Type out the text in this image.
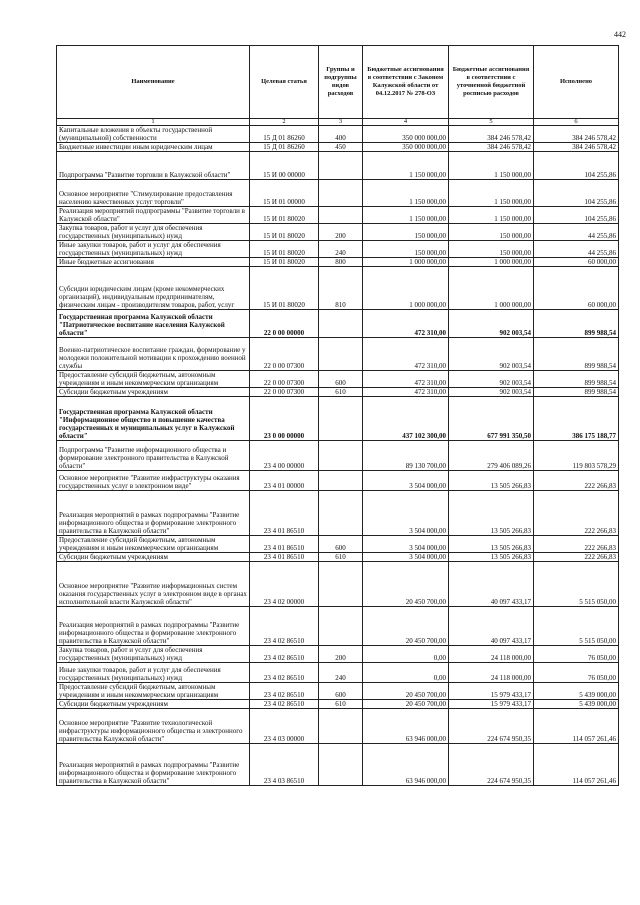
442
Наименование	Целевая статья	Группы и подгруппы видов расходов	Бюджетные ассигнования в соответствии с Законом Калужской области от 04.12.2017 № 278-ОЗ	Бюджетные ассигнования в соответствии с уточненной бюджетной росписью расходов	Исполнено
1	2	3	4	5	6
Капитальные вложения в объекты государственной (муниципальной) собственности	15 Д 01 86260	400	350 000 000,00	384 246 578,42	384 246 578,42
Бюджетные инвестиции иным юридическим лицам	15 Д 01 86260	450	350 000 000,00	384 246 578,42	384 246 578,42
Подпрограмма "Развитие торговли в Калужской области"	15 И 00 00000		1 150 000,00	1 150 000,00	104 255,86
Основное мероприятие "Стимулирование предоставления населению качественных услуг торговли"	15 И 01 00000		1 150 000,00	1 150 000,00	104 255,86
Реализация мероприятий подпрограммы "Развитие торговли в Калужской области"	15 И 01 80020		1 150 000,00	1 150 000,00	104 255,86
Закупка товаров, работ и услуг для обеспечения государственных (муниципальных) нужд	15 И 01 80020	200	150 000,00	150 000,00	44 255,86
Иные закупки товаров, работ и услуг для обеспечения государственных (муниципальных) нужд	15 И 01 80020	240	150 000,00	150 000,00	44 255,86
Иные бюджетные ассигнования	15 И 01 80020	800	1 000 000,00	1 000 000,00	60 000,00
Субсидии юридическим лицам (кроме некоммерческих организаций), индивидуальным предпринимателям, физическим лицам - производителям товаров, работ, услуг	15 И 01 80020	810	1 000 000,00	1 000 000,00	60 000,00
Государственная программа Калужской области "Патриотическое воспитание населения Калужской области"	22 0 00 00000		472 310,00	902 003,54	899 988,54
Военно-патриотическое воспитание граждан, формирование у молодежи положительной мотивации к прохождению военной службы	22 0 00 07300		472 310,00	902 003,54	899 988,54
Предоставление субсидий бюджетным, автономным учреждениям и иным некоммерческим организациям	22 0 00 07300	600	472 310,00	902 003,54	899 988,54
Субсидии бюджетным учреждениям	22 0 00 07300	610	472 310,00	902 003,54	899 988,54
Государственная программа Калужской области "Информационное общество и повышение качества государственных и муниципальных услуг в Калужской области"	23 0 00 00000		437 102 300,00	677 991 350,50	386 175 188,77
Подпрограмма "Развитие информационного общества и формирование электронного правительства в Калужской области"	23 4 00 00000		89 130 700,00	279 406 089,26	119 803 578,29
Основное мероприятие "Развитие инфраструктуры оказания государственных услуг в электронном виде"	23 4 01 00000		3 504 000,00	13 505 266,83	222 266,83
Реализация мероприятий в рамках подпрограммы "Развитие информационного общества и формирование электронного правительства в Калужской области"	23 4 01 86510		3 504 000,00	13 505 266,83	222 266,83
Предоставление субсидий бюджетным, автономным учреждениям и иным некоммерческим организациям	23 4 01 86510	600	3 504 000,00	13 505 266,83	222 266,83
Субсидии бюджетным учреждениям	23 4 01 86510	610	3 504 000,00	13 505 266,83	222 266,83
Основное мероприятие "Развитие информационных систем оказания государственных услуг в электронном виде в органах исполнительной власти Калужской области"	23 4 02 00000		20 450 700,00	40 097 433,17	5 515 050,00
Реализация мероприятий в рамках подпрограммы "Развитие информационного общества и формирование электронного правительства в Калужской области"	23 4 02 86510		20 450 700,00	40 097 433,17	5 515 050,00
Закупка товаров, работ и услуг для обеспечения государственных (муниципальных) нужд	23 4 02 86510	200	0,00	24 118 000,00	76 050,00
Иные закупки товаров, работ и услуг для обеспечения государственных (муниципальных) нужд	23 4 02 86510	240	0,00	24 118 000,00	76 050,00
Предоставление субсидий бюджетным, автономным учреждениям и иным некоммерческим организациям	23 4 02 86510	600	20 450 700,00	15 979 433,17	5 439 000,00
Субсидии бюджетным учреждениям	23 4 02 86510	610	20 450 700,00	15 979 433,17	5 439 000,00
Основное мероприятие "Развитие технологической инфраструктуры информационного общества и электронного правительства Калужской области"	23 4 03 00000		63 946 000,00	224 674 950,35	114 057 261,46
Реализация мероприятий в рамках подпрограммы "Развитие информационного общества и формирование электронного правительства в Калужской области"	23 4 03 86510		63 946 000,00	224 674 950,35	114 057 261,46
